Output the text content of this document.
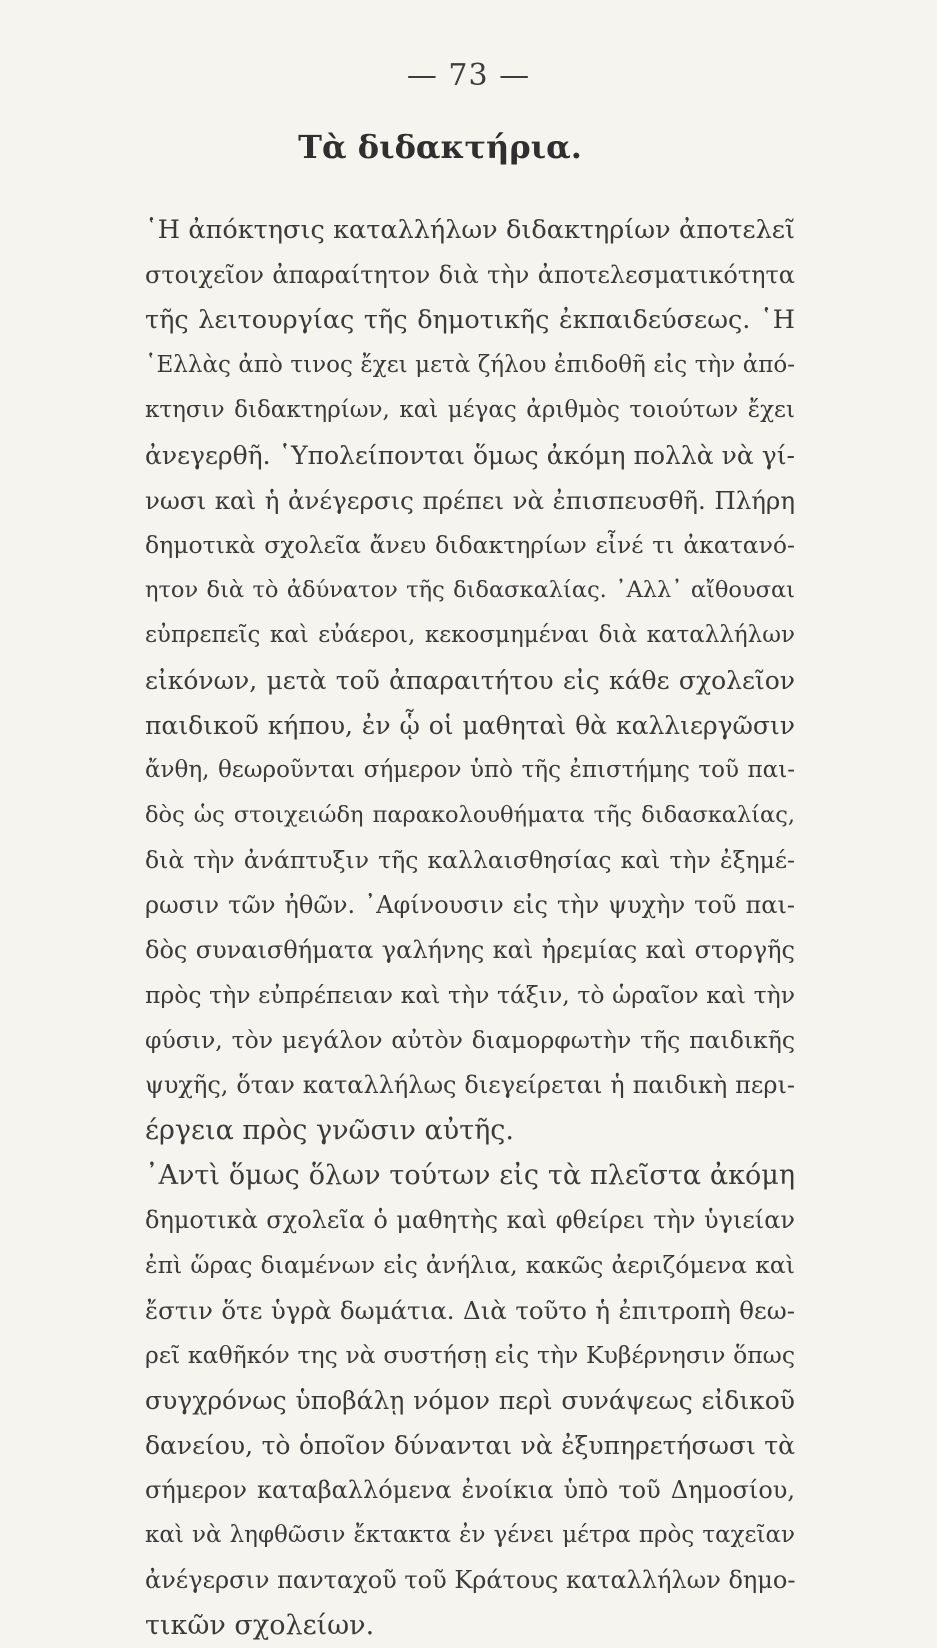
— 73 —
Τὰ διδακτήρια.
῾Η ἀπόκτησις καταλλήλων διδακτηρίων ἀποτελεῖ
στοιχεῖον ἀπαραίτητον διὰ τὴν ἀποτελεσματικότητα
τῆς λειτουργίας τῆς δημοτικῆς ἐκπαιδεύσεως. ῾Η
῾Ελλὰς ἀπὸ τινος ἔχει μετὰ ζήλου ἐπιδοθῆ εἰς τὴν ἀπό-
κτησιν διδακτηρίων, καὶ μέγας ἀριθμὸς τοιούτων ἔχει
ἀνεγερθῆ. ῾Υπολείπονται ὅμως ἀκόμη πολλὰ νὰ γί-
νωσι καὶ ἡ ἀνέγερσις πρέπει νὰ ἐπισπευσθῆ. Πλήρη
δημοτικὰ σχολεῖα ἄνευ διδακτηρίων εἶνέ τι ἀκατανό-
ητον διὰ τὸ ἀδύνατον τῆς διδασκαλίας. ᾿Αλλ᾿ αἴθουσαι
εὐπρεπεῖς καὶ εὐάεροι, κεκοσμημέναι διὰ καταλλήλων
εἰκόνων, μετὰ τοῦ ἀπαραιτήτου εἰς κάθε σχολεῖον
παιδικοῦ κήπου, ἐν ᾧ οἱ μαθηταὶ θὰ καλλιεργῶσιν
ἄνθη, θεωροῦνται σήμερον ὑπὸ τῆς ἐπιστήμης τοῦ παι-
δὸς ὡς στοιχειώδη παρακολουθήματα τῆς διδασκαλίας,
διὰ τὴν ἀνάπτυξιν τῆς καλλαισθησίας καὶ τὴν ἐξημέ-
ρωσιν τῶν ἠθῶν. ᾿Αφίνουσιν εἰς τὴν ψυχὴν τοῦ παι-
δὸς συναισθήματα γαλήνης καὶ ἠρεμίας καὶ στοργῆς
πρὸς τὴν εὐπρέπειαν καὶ τὴν τάξιν, τὸ ὡραῖον καὶ τὴν
φύσιν, τὸν μεγάλον αὐτὸν διαμορφωτὴν τῆς παιδικῆς
ψυχῆς, ὅταν καταλλήλως διεγείρεται ἡ παιδικὴ περι-
έργεια πρὸς γνῶσιν αὐτῆς.
᾿Αντὶ ὅμως ὅλων τούτων εἰς τὰ πλεῖστα ἀκόμη
δημοτικὰ σχολεῖα ὁ μαθητὴς καὶ φθείρει τὴν ὑγιείαν
ἐπὶ ὥρας διαμένων εἰς ἀνήλια, κακῶς ἀεριζόμενα καὶ
ἔστιν ὅτε ὑγρὰ δωμάτια. Διὰ τοῦτο ἡ ἐπιτροπὴ θεω-
ρεῖ καθῆκόν της νὰ συστήσῃ εἰς τὴν Κυβέρνησιν ὅπως
συγχρόνως ὑποβάλῃ νόμον περὶ συνάψεως εἰδικοῦ
δανείου, τὸ ὁποῖον δύνανται νὰ ἐξυπηρετήσωσι τὰ
σήμερον καταβαλλόμενα ἐνοίκια ὑπὸ τοῦ Δημοσίου,
καὶ νὰ ληφθῶσιν ἔκτακτα ἐν γένει μέτρα πρὸς ταχεῖαν
ἀνέγερσιν πανταχοῦ τοῦ Κράτους καταλλήλων δημο-
τικῶν σχολείων.
